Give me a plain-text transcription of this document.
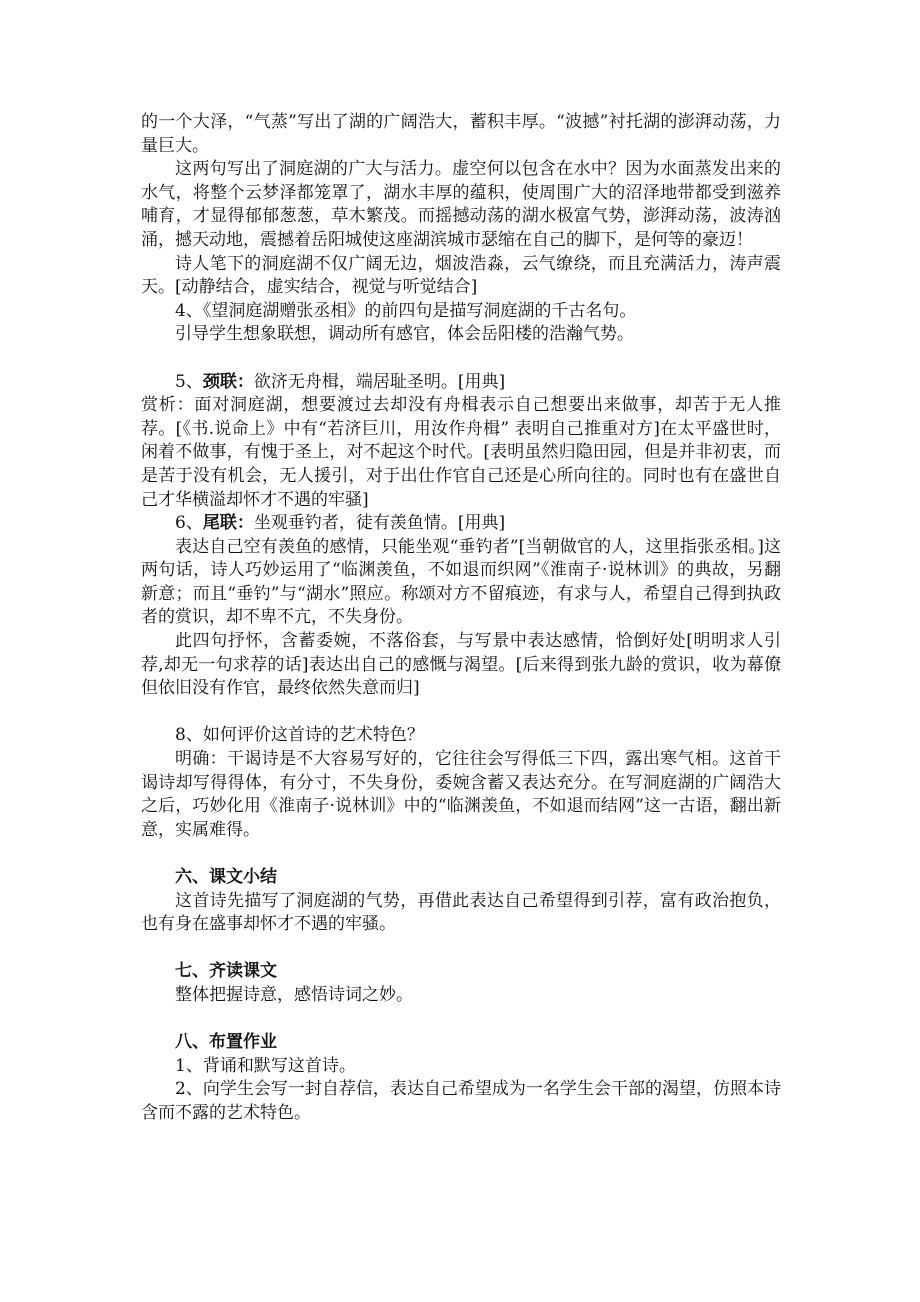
的一个大泽，“气蒸”写出了湖的广阔浩大，蓄积丰厚。“波撼”衬托湖的澎湃动荡，力量巨大。

这两句写出了洞庭湖的广大与活力。虚空何以包含在水中？因为水面蒸发出来的水气，将整个云梦泽都笼罩了，湖水丰厚的蕴积，使周围广大的沼泽地带都受到滋养哺育，才显得郁郁葱葱，草木繁茂。而摇撼动荡的湖水极富气势，澎湃动荡，波涛汹涌，撼天动地，震撼着岳阳城使这座湖滨城市瑟缩在自己的脚下，是何等的豪迈！

诗人笔下的洞庭湖不仅广阔无边，烟波浩淼，云气缭绕，而且充满活力，涛声震天。[动静结合，虚实结合，视觉与听觉结合]

4、《望洞庭湖赠张丞相》的前四句是描写洞庭湖的千古名句。

引导学生想象联想，调动所有感官，体会岳阳楼的浩瀚气势。

5、颈联：欲济无舟楫，端居耻圣明。[用典]

赏析：面对洞庭湖，想要渡过去却没有舟楫表示自己想要出来做事，却苦于无人推荐。[《书.说命上》中有“若济巨川，用汝作舟楫” 表明自己推重对方]在太平盛世时，闲着不做事，有愧于圣上，对不起这个时代。[表明虽然归隐田园，但是并非初衷，而是苦于没有机会，无人援引，对于出仕作官自己还是心所向往的。同时也有在盛世自己才华横溢却怀才不遇的牢骚]

6、尾联：坐观垂钓者，徒有羡鱼情。[用典]

表达自己空有羡鱼的感情，只能坐观“垂钓者”[当朝做官的人，这里指张丞相。]这两句话，诗人巧妙运用了“临渊羡鱼，不如退而织网”《淮南子·说林训》的典故，另翻新意；而且“垂钓”与“湖水”照应。称颂对方不留痕迹，有求与人，希望自己得到执政者的赏识，却不卑不亢，不失身份。

此四句抒怀，含蓄委婉，不落俗套，与写景中表达感情，恰倒好处[明明求人引荐,却无一句求荐的话]表达出自己的感慨与渴望。[后来得到张九龄的赏识，收为幕僚但依旧没有作官，最终依然失意而归]

8、如何评价这首诗的艺术特色？

明确：干谒诗是不大容易写好的，它往往会写得低三下四，露出寒气相。这首干谒诗却写得得体，有分寸，不失身份，委婉含蓄又表达充分。在写洞庭湖的广阔浩大之后，巧妙化用《淮南子·说林训》中的“临渊羡鱼，不如退而结网”这一古语，翻出新意，实属难得。

六、课文小结

这首诗先描写了洞庭湖的气势，再借此表达自己希望得到引荐，富有政治抱负，也有身在盛事却怀才不遇的牢骚。

七、齐读课文

整体把握诗意，感悟诗词之妙。

八、布置作业

1、背诵和默写这首诗。

2、向学生会写一封自荐信，表达自己希望成为一名学生会干部的渴望，仿照本诗含而不露的艺术特色。
